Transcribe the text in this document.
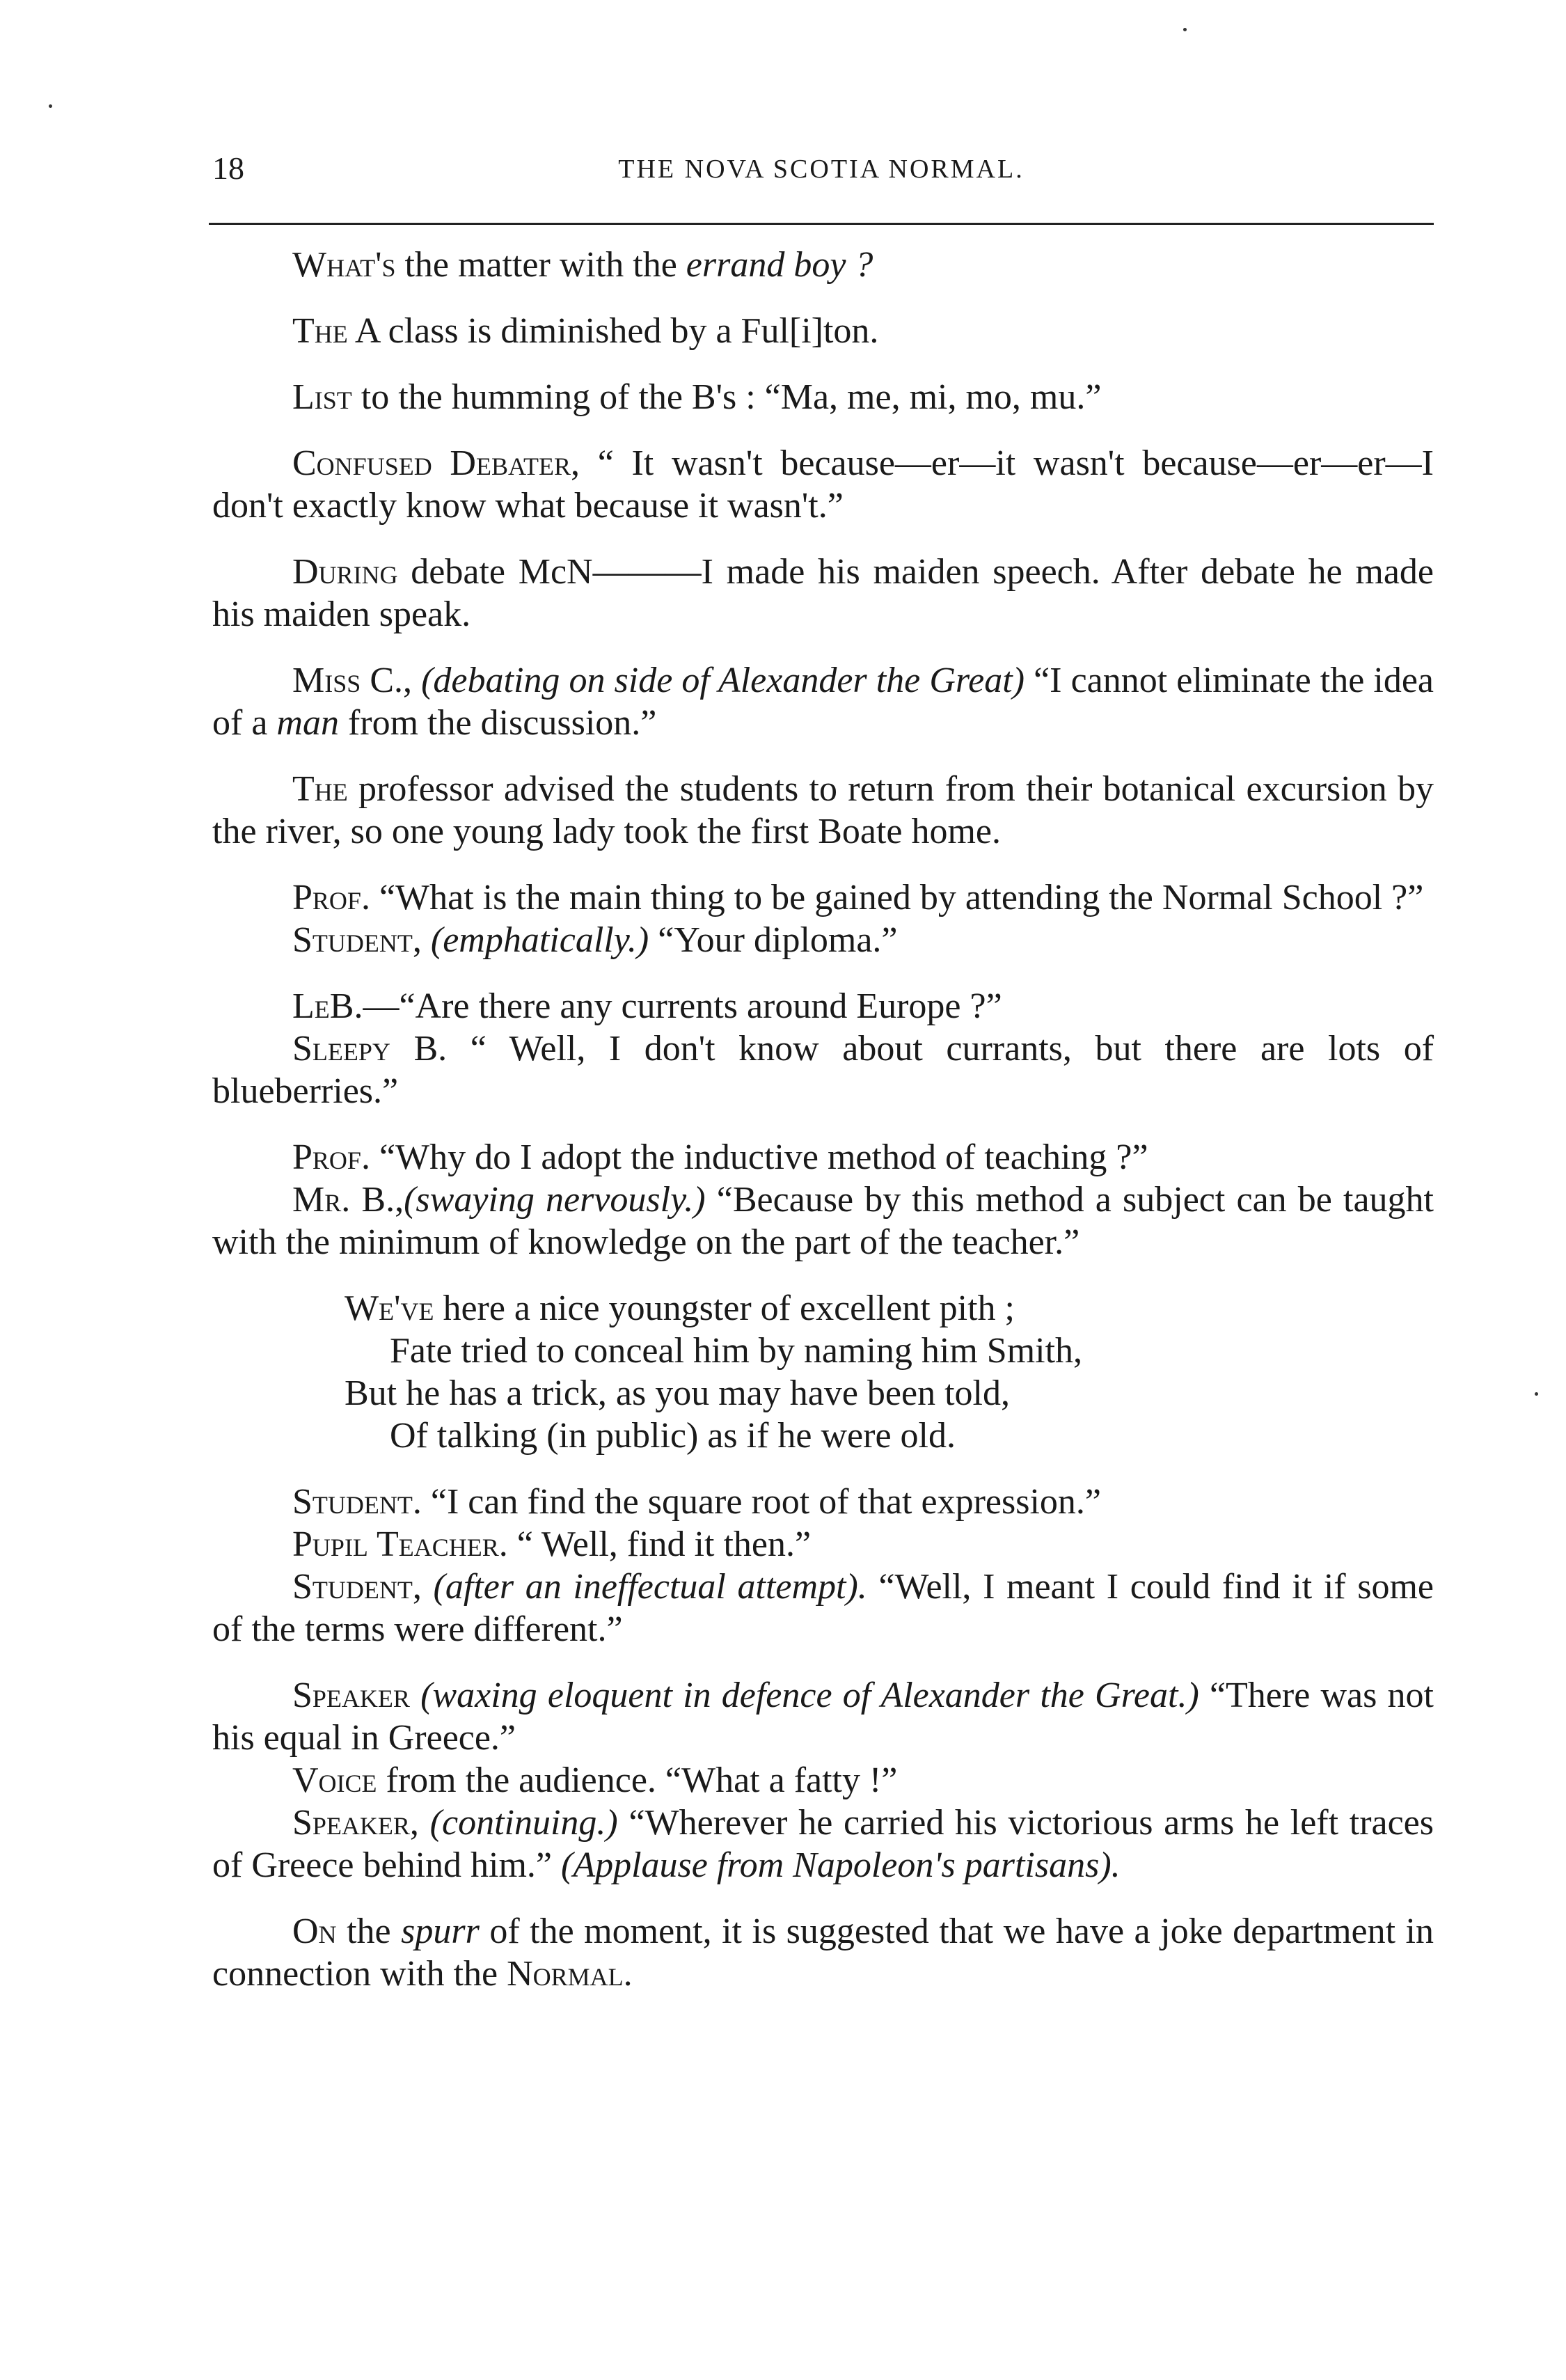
18	THE NOVA SCOTIA NORMAL.

What's the matter with the errand boy ?

The A class is diminished by a Ful[i]ton.

List to the humming of the B's : “Ma, me, mi, mo, mu.”

Confused Debater, “ It wasn't because—er—it wasn't because—er—er—I don't exactly know what because it wasn't.”

During debate McN———I made his maiden speech. After debate he made his maiden speak.

Miss C., (debating on side of Alexander the Great) “I cannot eliminate the idea of a man from the discussion.”

The professor advised the students to return from their botanical excursion by the river, so one young lady took the first Boate home.

Prof. “What is the main thing to be gained by attending the Normal School ?”

Student, (emphatically.) “Your diploma.”

LeB.—“Are there any currents around Europe ?”

Sleepy B. “ Well, I don't know about currants, but there are lots of blueberries.”

Prof. “Why do I adopt the inductive method of teaching ?”

Mr. B.,(swaying nervously.) “Because by this method a subject can be taught with the minimum of knowledge on the part of the teacher.”

We've here a nice youngster of excellent pith ;
Fate tried to conceal him by naming him Smith,
But he has a trick, as you may have been told,
Of talking (in public) as if he were old.

Student. “I can find the square root of that expression.”

Pupil Teacher. “ Well, find it then.”

Student, (after an ineffectual attempt). “Well, I meant I could find it if some of the terms were different.”

Speaker (waxing eloquent in defence of Alexander the Great.) “There was not his equal in Greece.”

Voice from the audience. “What a fatty !”

Speaker, (continuing.) “Wherever he carried his victorious arms he left traces of Greece behind him.” (Applause from Napoleon's partisans).

On the spurr of the moment, it is suggested that we have a joke department in connection with the Normal.
